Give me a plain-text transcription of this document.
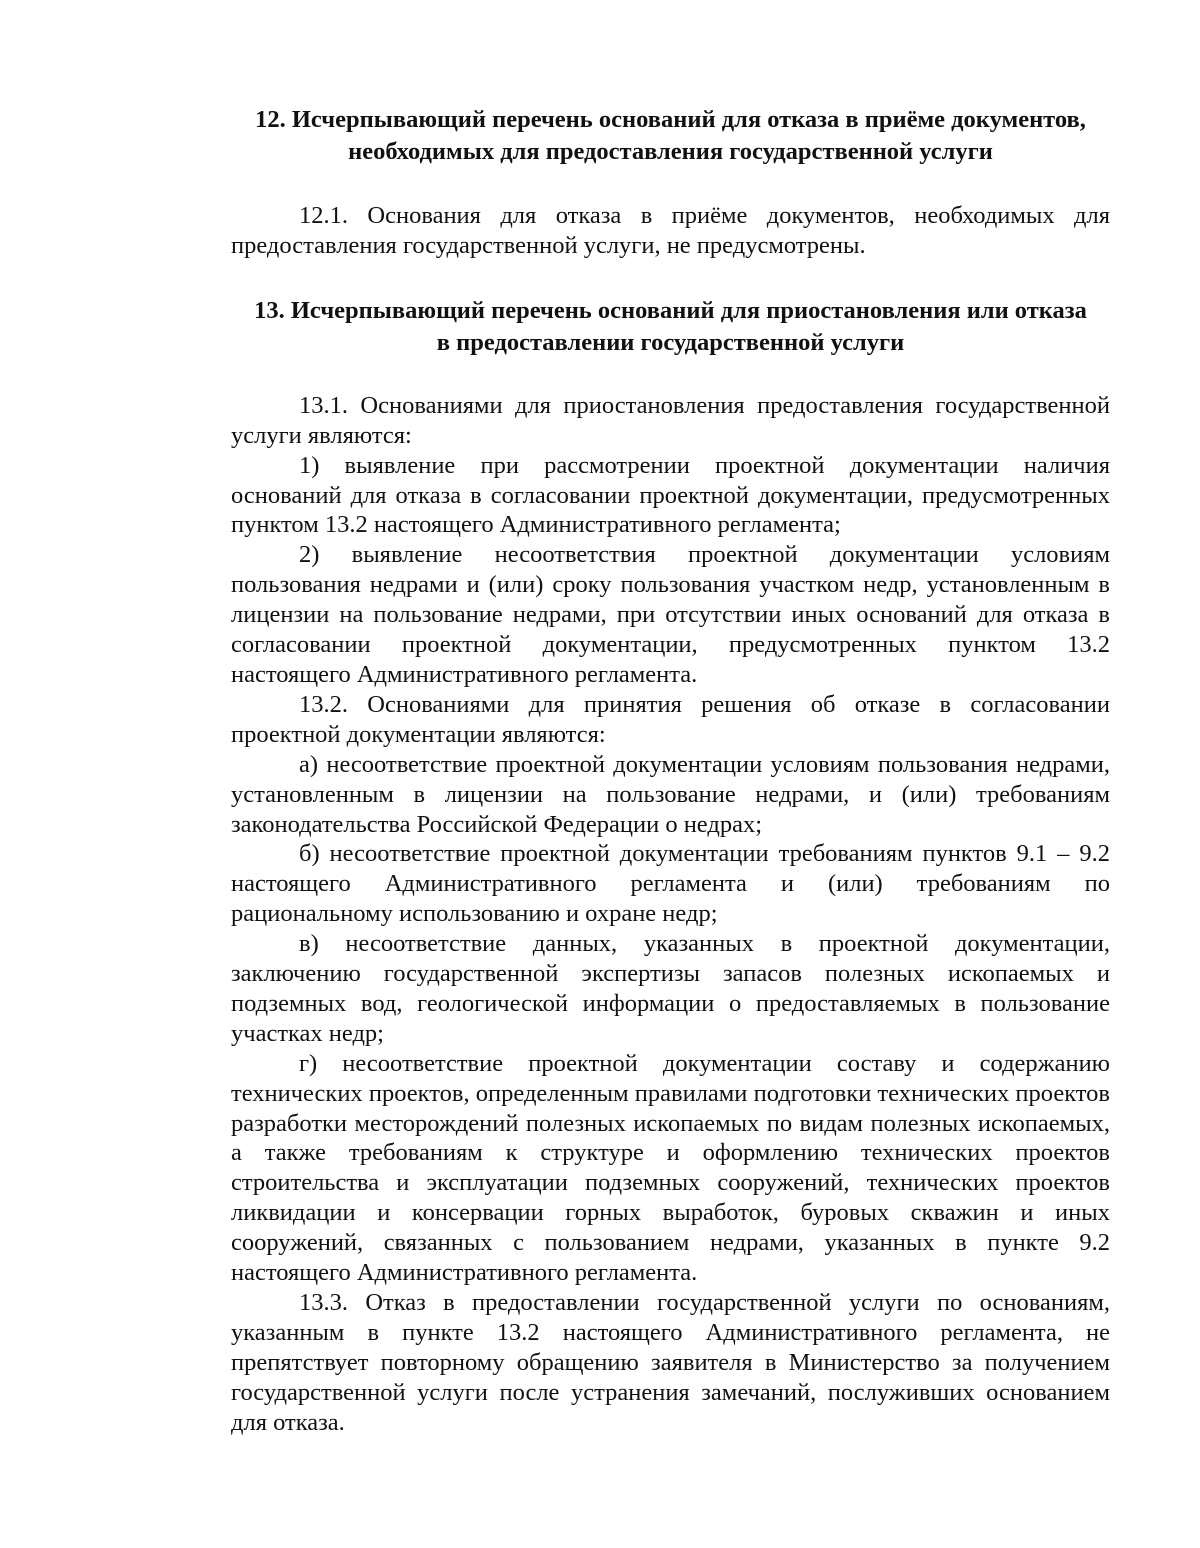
12. Исчерпывающий перечень оснований для отказа в приёме документов,
необходимых для предоставления государственной услуги

12.1. Основания для отказа в приёме документов, необходимых для предоставления государственной услуги, не предусмотрены.

13. Исчерпывающий перечень оснований для приостановления или отказа
в предоставлении государственной услуги

13.1. Основаниями для приостановления предоставления государственной услуги являются:

1) выявление при рассмотрении проектной документации наличия оснований для отказа в согласовании проектной документации, предусмотренных пунктом 13.2 настоящего Административного регламента;

2) выявление несоответствия проектной документации условиям пользования недрами и (или) сроку пользования участком недр, установленным в лицензии на пользование недрами, при отсутствии иных оснований для отказа в согласовании проектной документации, предусмотренных пунктом 13.2 настоящего Административного регламента.

13.2. Основаниями для принятия решения об отказе в согласовании проектной документации являются:

а) несоответствие проектной документации условиям пользования недрами, установленным в лицензии на пользование недрами, и (или) требованиям законодательства Российской Федерации о недрах;

б) несоответствие проектной документации требованиям пунктов 9.1 – 9.2 настоящего Административного регламента и (или) требованиям по рациональному использованию и охране недр;

в) несоответствие данных, указанных в проектной документации, заключению государственной экспертизы запасов полезных ископаемых и подземных вод, геологической информации о предоставляемых в пользование участках недр;

г) несоответствие проектной документации составу и содержанию технических проектов, определенным правилами подготовки технических проектов разработки месторождений полезных ископаемых по видам полезных ископаемых, а также требованиям к структуре и оформлению технических проектов строительства и эксплуатации подземных сооружений, технических проектов ликвидации и консервации горных выработок, буровых скважин и иных сооружений, связанных с пользованием недрами, указанных в пункте 9.2 настоящего Административного регламента.

13.3. Отказ в предоставлении государственной услуги по основаниям, указанным в пункте 13.2 настоящего Административного регламента, не препятствует повторному обращению заявителя в Министерство за получением государственной услуги после устранения замечаний, послуживших основанием для отказа.
